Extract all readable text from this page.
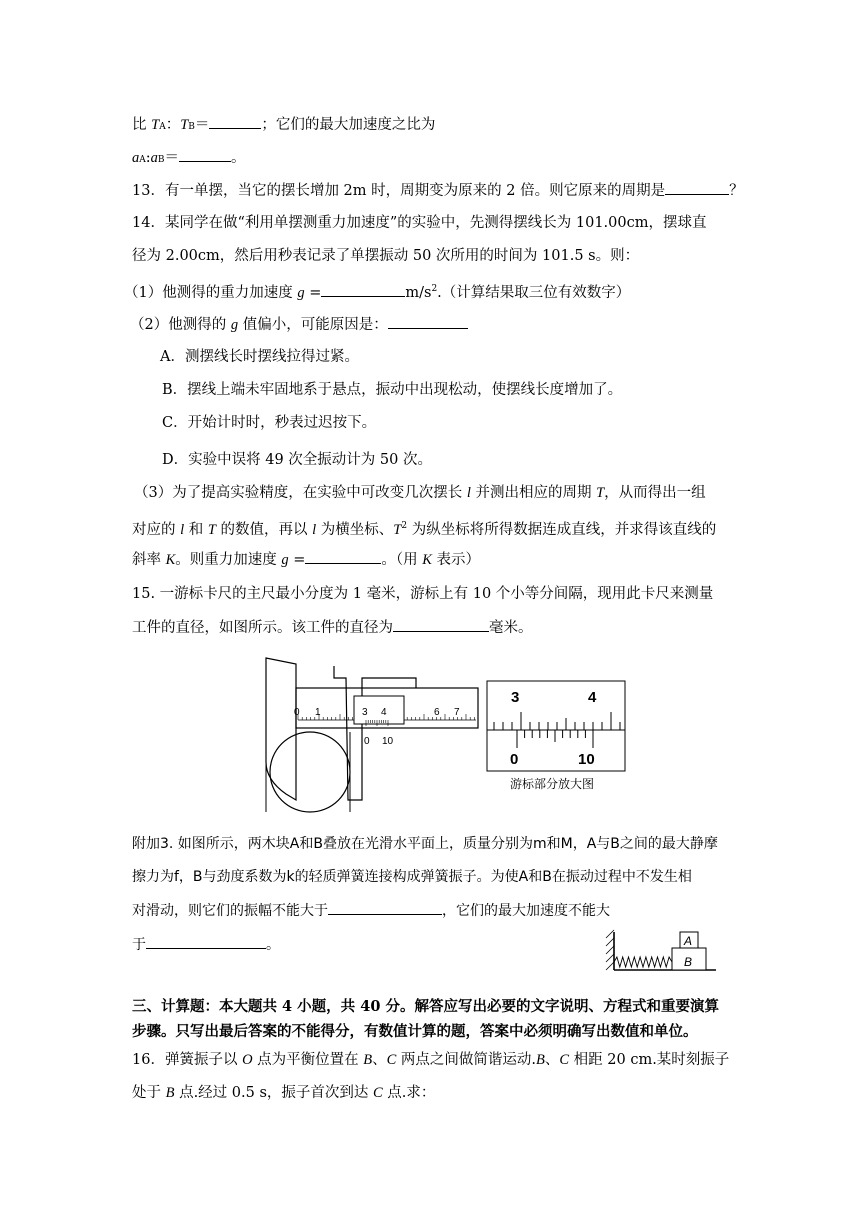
比 TA：TB＝	；它们的最大加速度之比为
aA:aB＝	。
13．有一单摆，当它的摆长增加 2m 时，周期变为原来的 2 倍。则它原来的周期是	？
14．某同学在做“利用单摆测重力加速度”的实验中，先测得摆线长为 101.00cm，摆球直
径为 2.00cm，然后用秒表记录了单摆振动 50 次所用的时间为 101.5 s。则：
（1）他测得的重力加速度 g =	$m/s^2$.（计算结果取三位有效数字）
（2）他测得的 g 值偏小，可能原因是：
A．测摆线长时摆线拉得过紧。
B．摆线上端未牢固地系于悬点，振动中出现松动，使摆线长度增加了。
C．开始计时时，秒表过迟按下。
D．实验中误将 49 次全振动计为 50 次。
（3）为了提高实验精度，在实验中可改变几次摆长 l 并测出相应的周期 T，从而得出一组
对应的 l 和 T 的数值，再以 l 为横坐标、$T^2$ 为纵坐标将所得数据连成直线，并求得该直线的
斜率 K。则重力加速度 g =	。（用 K 表示）
15. 一游标卡尺的主尺最小分度为 1 毫米，游标上有 10 个小等分间隔，现用此卡尺来测量
工件的直径，如图所示。该工件的直径为	毫米。
0 1	3 4	6 7
0 10
3	4
0	10
游标部分放大图
附加3. 如图所示，两木块A和B叠放在光滑水平面上，质量分别为m和M，A与B之间的最大静摩
擦力为f，B与劲度系数为k的轻质弹簧连接构成弹簧振子。为使A和B在振动过程中不发生相
对滑动，则它们的振幅不能大于	，它们的最大加速度不能大
于	。	A
B
三、计算题：本大题共 4 小题，共 40 分。解答应写出必要的文字说明、方程式和重要演算
步骤。只写出最后答案的不能得分，有数值计算的题，答案中必须明确写出数值和单位。
16．弹簧振子以 O 点为平衡位置在 B、C 两点之间做简谐运动.B、C 相距 20 cm.某时刻振子
处于 B 点.经过 0.5 s，振子首次到达 C 点.求：
